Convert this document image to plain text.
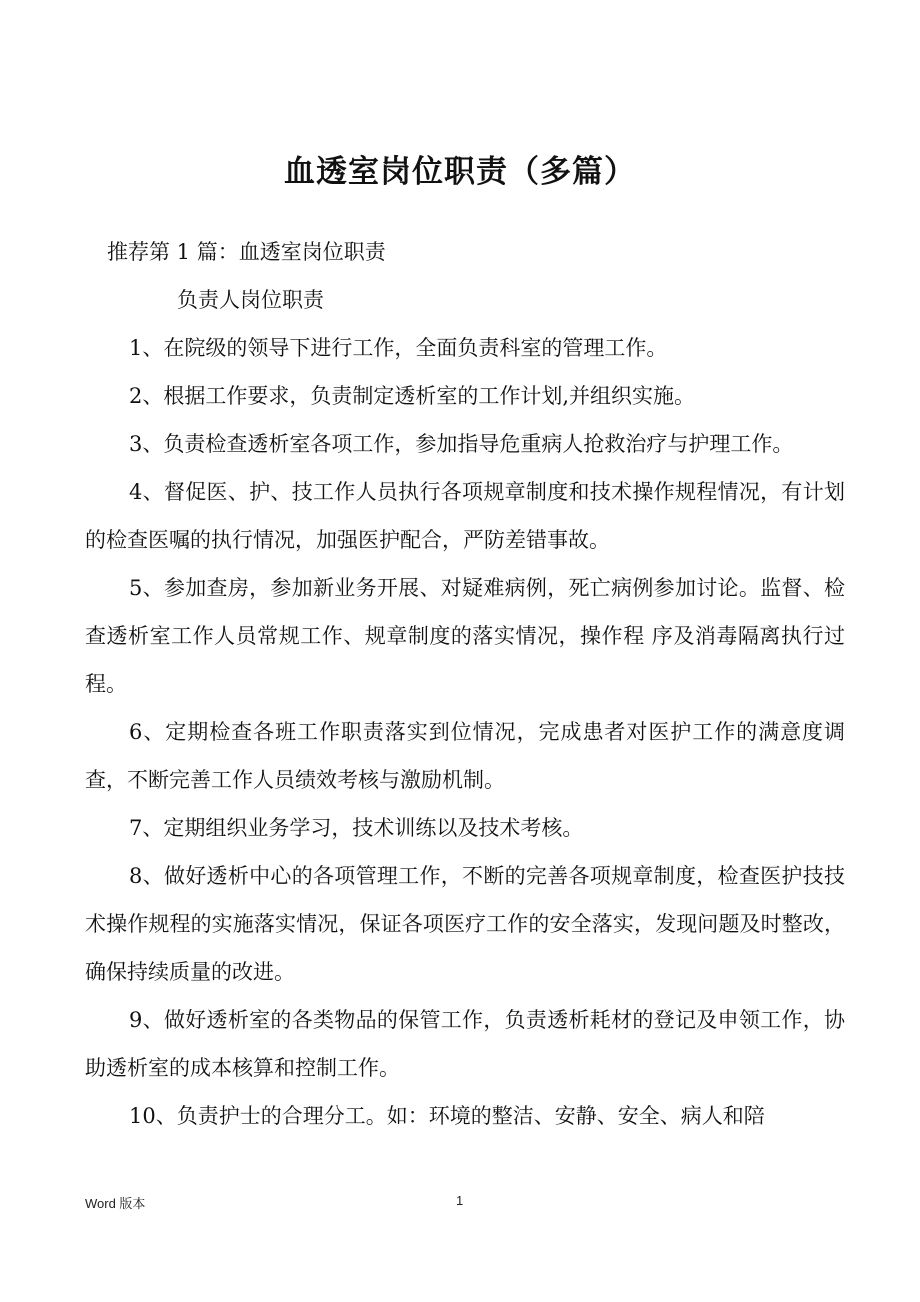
血透室岗位职责（多篇）

推荐第 1 篇：血透室岗位职责

负责人岗位职责

1、在院级的领导下进行工作，全面负责科室的管理工作。

2、根据工作要求，负责制定透析室的工作计划,并组织实施。

3、负责检查透析室各项工作，参加指导危重病人抢救治疗与护理工作。

4、督促医、护、技工作人员执行各项规章制度和技术操作规程情况，有计划的检查医嘱的执行情况，加强医护配合，严防差错事故。

5、参加查房，参加新业务开展、对疑难病例，死亡病例参加讨论。监督、检查透析室工作人员常规工作、规章制度的落实情况，操作程 序及消毒隔离执行过程。

6、定期检查各班工作职责落实到位情况，完成患者对医护工作的满意度调查，不断完善工作人员绩效考核与激励机制。

7、定期组织业务学习，技术训练以及技术考核。

8、做好透析中心的各项管理工作，不断的完善各项规章制度，检查医护技技术操作规程的实施落实情况，保证各项医疗工作的安全落实，发现问题及时整改，确保持续质量的改进。

9、做好透析室的各类物品的保管工作，负责透析耗材的登记及申领工作，协助透析室的成本核算和控制工作。

10、负责护士的合理分工。如：环境的整洁、安静、安全、病人和陪

Word 版本	1
